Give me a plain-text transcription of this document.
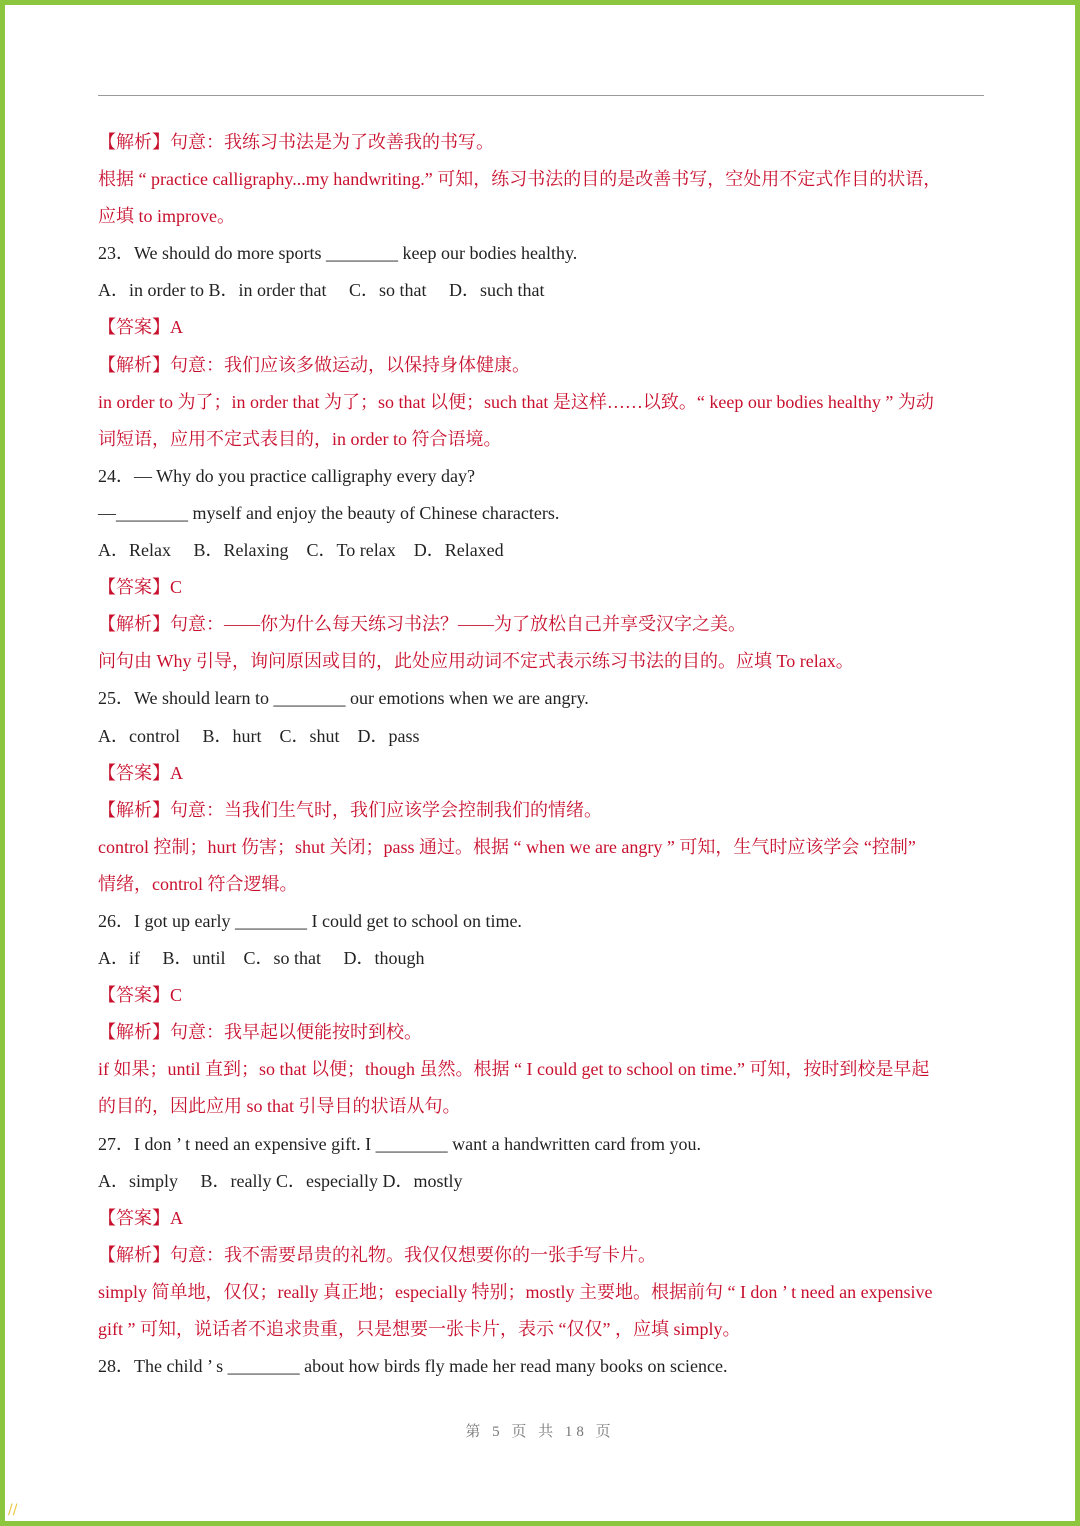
【解析】句意：我练习书法是为了改善我的书写。
根据 “ practice calligraphy...my handwriting.” 可知，练习书法的目的是改善书写，空处用不定式作目的状语，
应填 to improve。
23．We should do more sports ________ keep our bodies healthy.
A．in order to B．in order that　 C．so that　 D．such that
【答案】A
【解析】句意：我们应该多做运动，以保持身体健康。
in order to 为了；in order that 为了；so that 以便；such that 是这样……以致。“ keep our bodies healthy ” 为动
词短语，应用不定式表目的，in order to 符合语境。
24．— Why do you practice calligraphy every day?
—________ myself and enjoy the beauty of Chinese characters.
A．Relax　 B．Relaxing　C．To relax　D．Relaxed
【答案】C
【解析】句意：——你为什么每天练习书法？——为了放松自己并享受汉字之美。
问句由 Why 引导，询问原因或目的，此处应用动词不定式表示练习书法的目的。应填 To relax。
25．We should learn to ________ our emotions when we are angry.
A．control　 B．hurt　C．shut　D．pass
【答案】A
【解析】句意：当我们生气时，我们应该学会控制我们的情绪。
control 控制；hurt 伤害；shut 关闭；pass 通过。根据 “ when we are angry ” 可知，生气时应该学会 “控制”
情绪，control 符合逻辑。
26．I got up early ________ I could get to school on time.
A．if　 B．until　C．so that　 D．though
【答案】C
【解析】句意：我早起以便能按时到校。
if 如果；until 直到；so that 以便；though 虽然。根据 “ I could get to school on time.” 可知，按时到校是早起
的目的，因此应用 so that 引导目的状语从句。
27．I don ’ t need an expensive gift. I ________ want a handwritten card from you.
A．simply　 B．really C．especially D．mostly
【答案】A
【解析】句意：我不需要昂贵的礼物。我仅仅想要你的一张手写卡片。
simply 简单地，仅仅；really 真正地；especially 特别；mostly 主要地。根据前句 “ I don ’ t need an expensive
gift ” 可知，说话者不追求贵重，只是想要一张卡片，表示 “仅仅” ，应填 simply。
28．The child ’ s ________ about how birds fly made her read many books on science.
第 5 页 共 18 页
//
